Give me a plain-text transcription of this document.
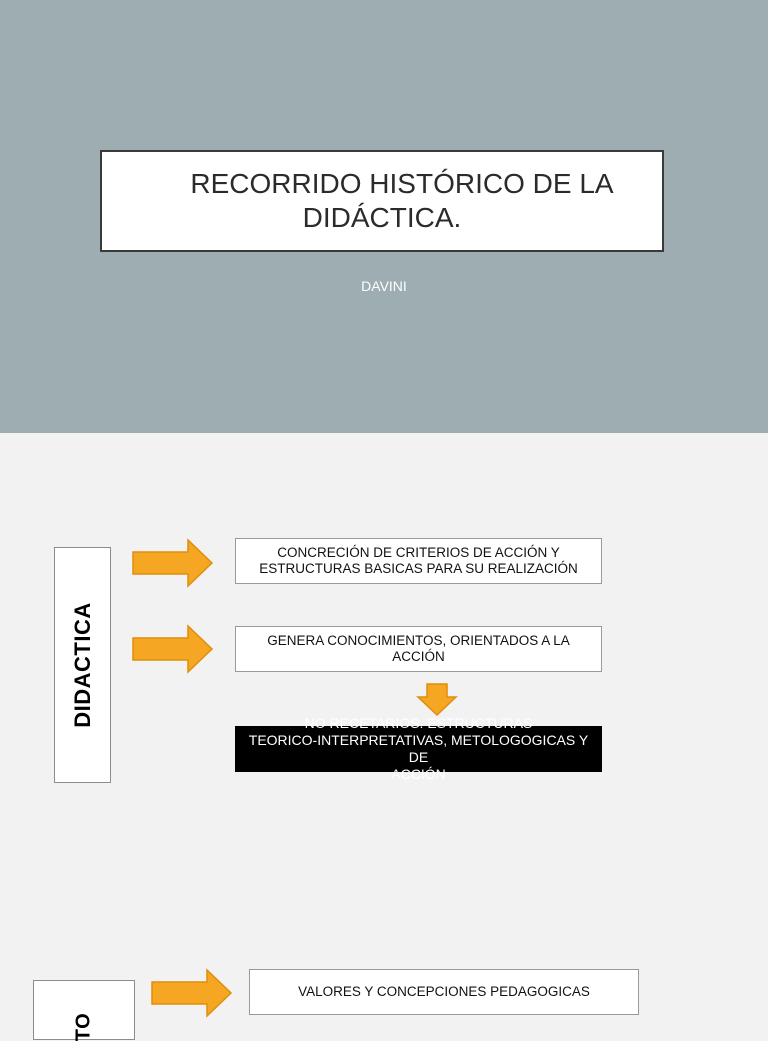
RECORRIDO HISTÓRICO DE LA
DIDÁCTICA.
DAVINI
DIDACTICA
CONCRECIÓN DE CRITERIOS DE ACCIÓN Y
ESTRUCTURAS BASICAS PARA SU REALIZACIÓN
GENERA CONOCIMIENTOS, ORIENTADOS A LA
ACCIÓN
NO RECETARIOS. ESTRUCTURAS
TEORICO-INTERPRETATIVAS, METOLOGOGICAS Y DE
ACCIÓN
TO
VALORES Y CONCEPCIONES PEDAGOGICAS
